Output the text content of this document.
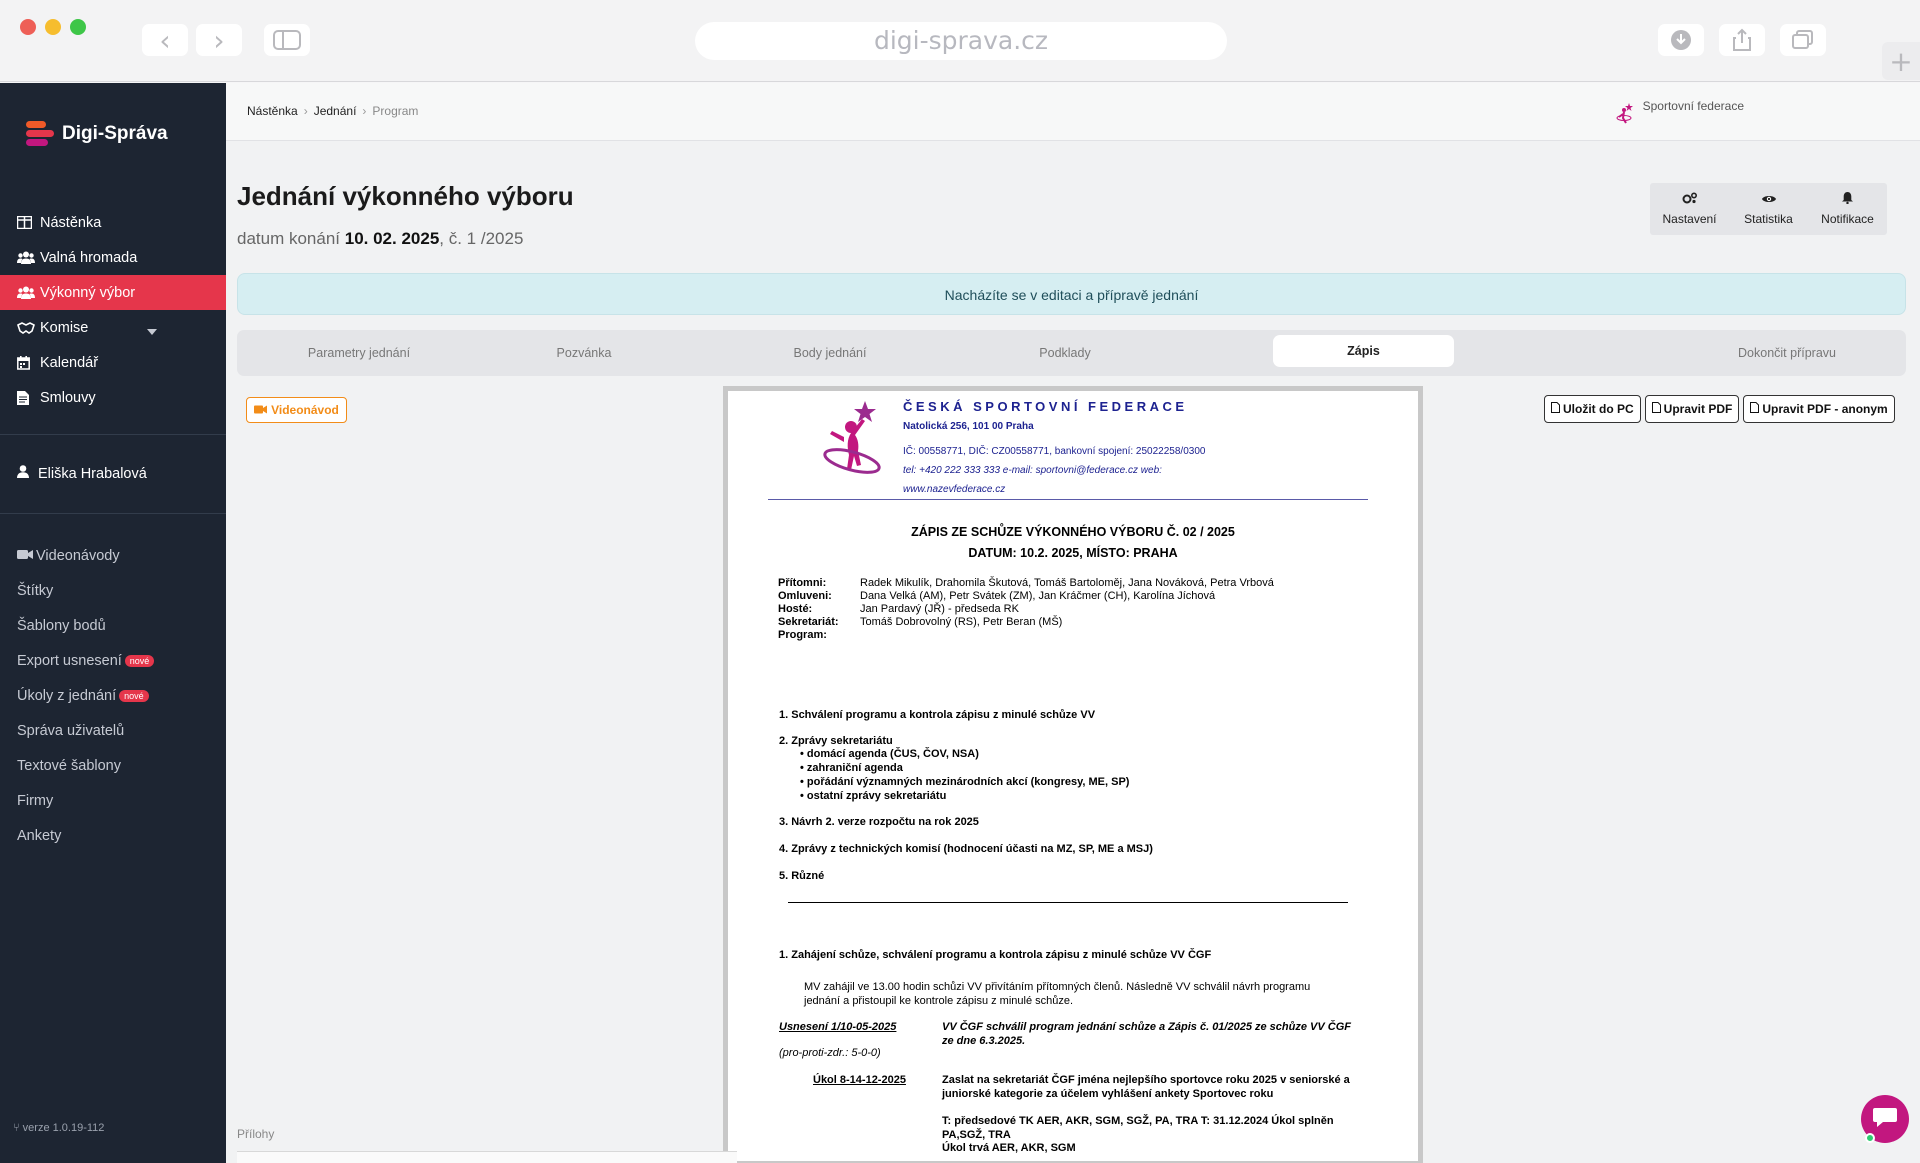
‹	›	digi-sprava.cz
+
Digi-Správa
Nástěnka
Valná hromada
Výkonný výbor
Komise
Kalendář
Smlouvy
Eliška Hrabalová
Videonávody
Štítky
Šablony bodů
Export usnesení nové
Úkoly z jednání nové
Správa uživatelů
Textové šablony
Firmy
Ankety
⑂ verze 1.0.19-112
Nástěnka › Jednání › Program	Sportovní federace
Jednání výkonného výboru
datum konání 10. 02. 2025, č. 1 /2025
Nastavení Statistika Notifikace
Nacházíte se v editaci a přípravě jednání
Parametry jednání	Pozvánka	Body jednání	Podklady	Zápis	Dokončit přípravu
Videonávod	Uložit do PC	Upravit PDF	Upravit PDF - anonym
ČESKÁ SPORTOVNÍ FEDERACE
Natolická 256, 101 00 Praha
IČ: 00558771, DIČ: CZ00558771, bankovní spojení: 25022258/0300
tel: +420 222 333 333 e-mail: sportovni@federace.cz web:
www.nazevfederace.cz
ZÁPIS ZE SCHŮZE VÝKONNÉHO VÝBORU Č. 02 / 2025
DATUM: 10.2. 2025, MÍSTO: PRAHA
Přítomni:	Radek Mikulík, Drahomila Škutová, Tomáš Bartoloměj, Jana Nováková, Petra Vrbová
Omluveni:	Dana Velká (AM), Petr Svátek (ZM), Jan Kráčmer (CH), Karolína Jíchová
Hosté:	Jan Pardavý (JŘ) - předseda RK
Sekretariát: Tomáš Dobrovolný (RS), Petr Beran (MŠ)
Program:
1. Schválení programu a kontrola zápisu z minulé schůze VV
2. Zprávy sekretariátu
• domácí agenda (ČUS, ČOV, NSA)
• zahraniční agenda
• pořádání významných mezinárodních akcí (kongresy, ME, SP)
• ostatní zprávy sekretariátu
3. Návrh 2. verze rozpočtu na rok 2025
4. Zprávy z technických komisí (hodnocení účasti na MZ, SP, ME a MSJ)
5. Různé
1. Zahájení schůze, schválení programu a kontrola zápisu z minulé schůze VV ČGF
MV zahájil ve 13.00 hodin schůzi VV přivítáním přítomných členů. Následně VV schválil návrh programu jednání a přistoupil ke kontrole zápisu z minulé schůze.
Usnesení 1/10-05-2025	VV ČGF schválil program jednání schůze a Zápis č. 01/2025 ze schůze VV ČGF ze dne 6.3.2025.
(pro-proti-zdr.: 5-0-0)
Úkol 8-14-12-2025	Zaslat na sekretariát ČGF jména nejlepšího sportovce roku 2025 v seniorské a juniorské kategorie za účelem vyhlášení ankety Sportovec roku
T: předsedové TK AER, AKR, SGM, SGŽ, PA, TRA T: 31.12.2024 Úkol splněn PA,SGŽ, TRA
Úkol trvá AER, AKR, SGM
Přílohy
